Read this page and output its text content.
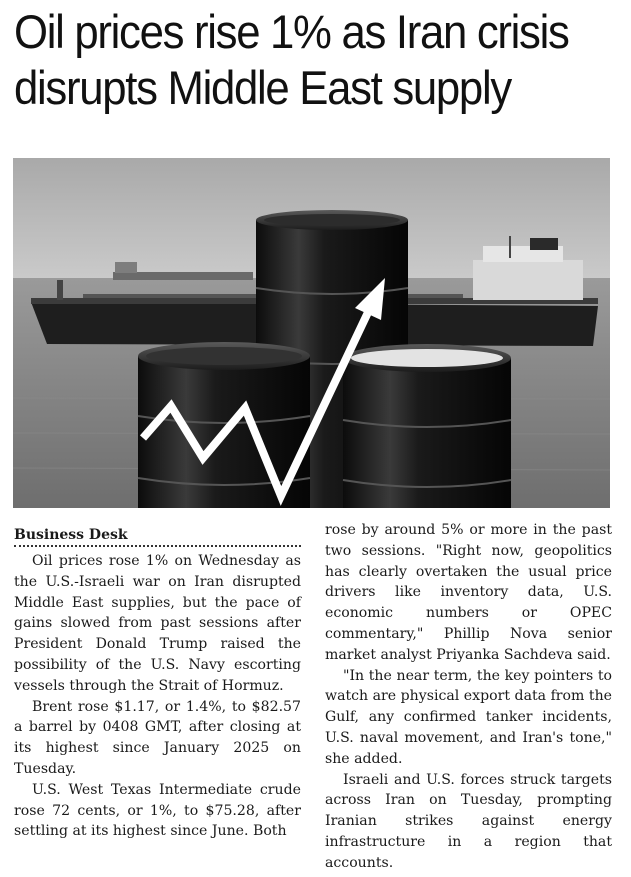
Oil prices rise 1% as Iran crisis
disrupts Middle East supply
Business Desk

Oil prices rose 1% on Wednesday as the U.S.-Israeli war on Iran disrupted Middle East supplies, but the pace of gains slowed from past sessions after President Donald Trump raised the possibility of the U.S. Navy escorting vessels through the Strait of Hormuz.

Brent rose $1.17, or 1.4%, to $82.57 a barrel by 0408 GMT, after closing at its highest since January 2025 on Tuesday.

U.S. West Texas Intermediate crude rose 72 cents, or 1%, to $75.28, after settling at its highest since June. Both

rose by around 5% or more in the past two sessions. "Right now, geopolitics has clearly overtaken the usual price drivers like inventory data, U.S. economic numbers or OPEC commentary," Phillip Nova senior market analyst Priyanka Sachdeva said.

"In the near term, the key pointers to watch are physical export data from the Gulf, any confirmed tanker incidents, U.S. naval movement, and Iran's tone," she added.

Israeli and U.S. forces struck targets across Iran on Tuesday, prompting Iranian strikes against energy infrastructure in a region that accounts.
